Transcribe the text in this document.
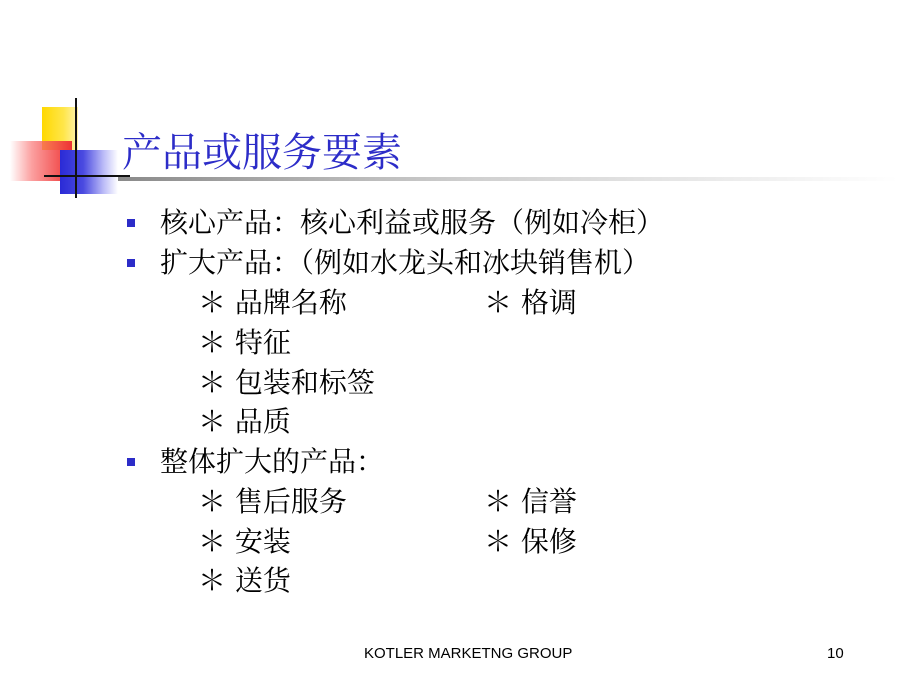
产品或服务要素
核心产品：核心利益或服务（例如冷柜）
扩大产品：（例如水龙头和冰块销售机）
＊ 品牌名称	＊ 格调
＊ 特征
＊ 包装和标签
＊ 品质
整体扩大的产品：
＊ 售后服务	＊ 信誉
＊ 安装	＊ 保修
＊ 送货
KOTLER MARKETNG GROUP	10
